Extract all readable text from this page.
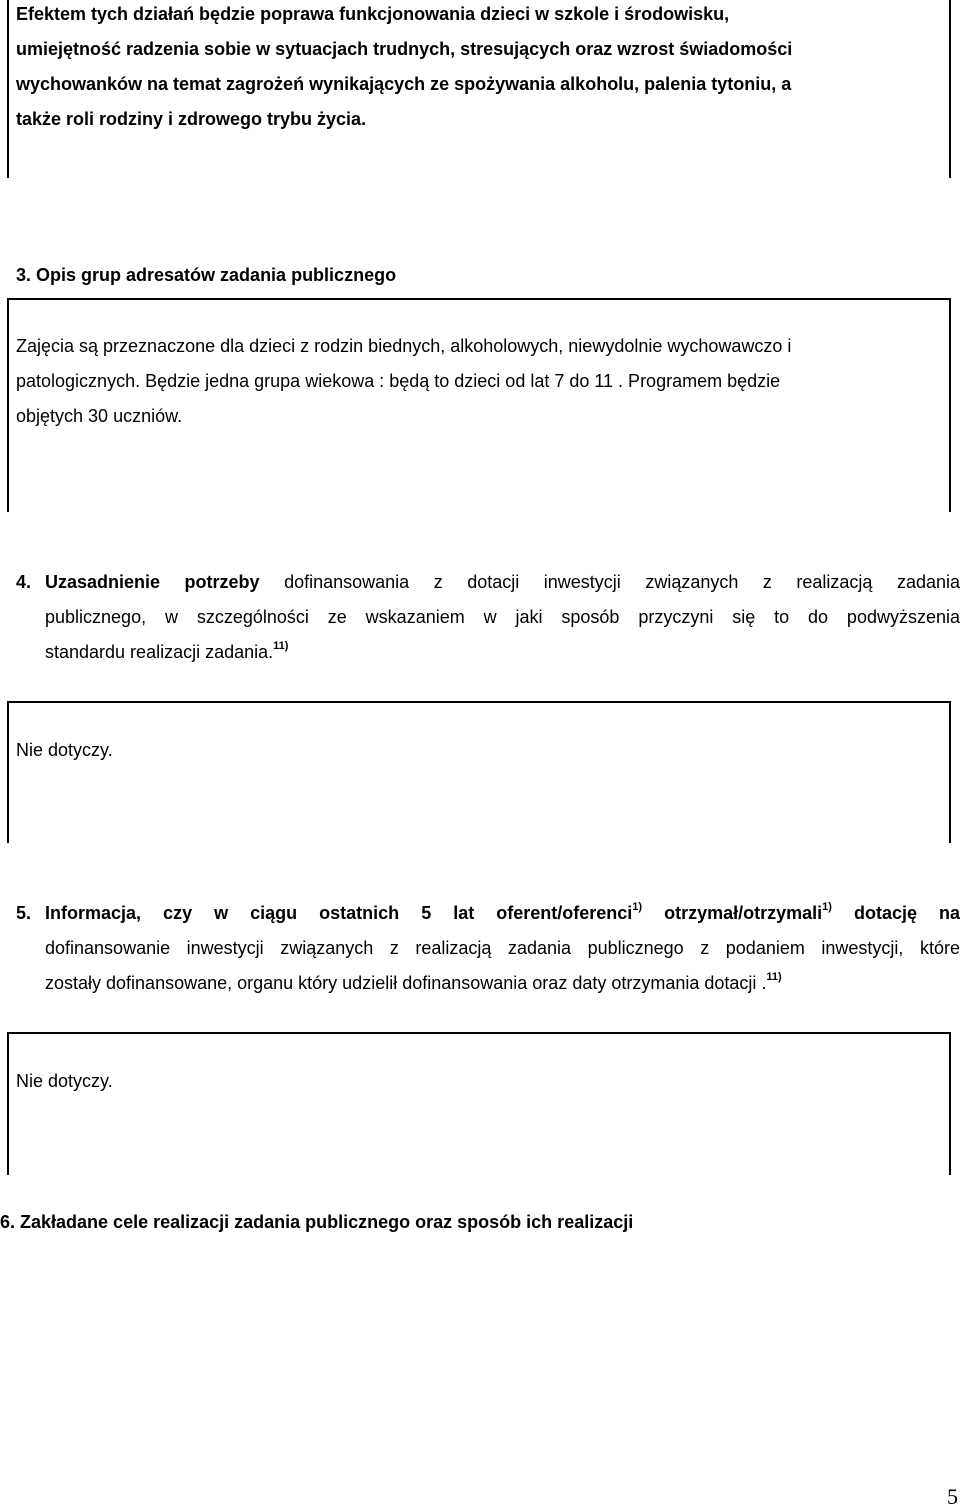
Efektem tych działań będzie poprawa funkcjonowania dzieci w szkole i środowisku,
umiejętność radzenia sobie w sytuacjach trudnych, stresujących oraz wzrost świadomości
wychowanków na temat zagrożeń wynikających ze spożywania alkoholu, palenia tytoniu, a
także roli rodziny i zdrowego trybu życia.
3. Opis grup adresatów zadania publicznego
Zajęcia są przeznaczone dla dzieci z rodzin biednych, alkoholowych, niewydolnie wychowawczo i
patologicznych. Będzie jedna grupa wiekowa : będą to dzieci od lat 7 do 11 . Programem będzie
objętych 30 uczniów.
4. Uzasadnienie potrzeby dofinansowania z dotacji inwestycji związanych z realizacją zadania
publicznego, w szczególności ze wskazaniem w jaki sposób przyczyni się to do podwyższenia
standardu realizacji zadania.$^{11)}$
Nie dotyczy.
5. Informacja, czy w ciągu ostatnich 5 lat oferent/oferenci$^{1)}$ otrzymał/otrzymali$^{1)}$ dotację na
dofinansowanie inwestycji związanych z realizacją zadania publicznego z podaniem inwestycji, które
zostały dofinansowane, organu który udzielił dofinansowania oraz daty otrzymania dotacji .$^{11)}$
Nie dotyczy.
6. Zakładane cele realizacji zadania publicznego oraz sposób ich realizacji
5
